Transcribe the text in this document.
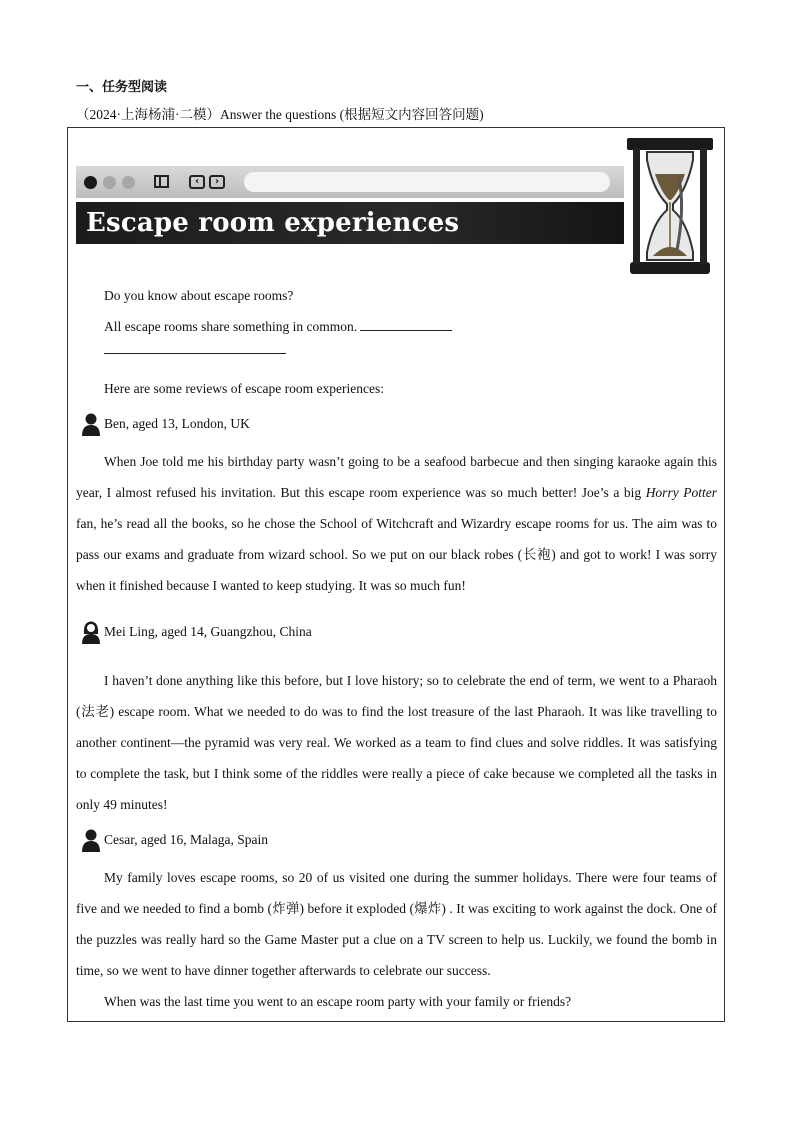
一、任务型阅读
（2024·上海杨浦·二模）Answer the questions (根据短文内容回答问题)
‹	›
Escape room experiences
Do you know about escape rooms?
All escape rooms share something in common.
Here are some reviews of escape room experiences:
Ben, aged 13, London, UK
When Joe told me his birthday party wasn’t going to be a seafood barbecue and then singing karaoke again this year, I almost refused his invitation. But this escape room experience was so much better! Joe’s a big Horry Potter fan, he’s read all the books, so he chose the School of Witchcraft and Wizardry escape rooms for us. The aim was to pass our exams and graduate from wizard school. So we put on our black robes (长袍) and got to work! I was sorry when it finished because I wanted to keep studying. It was so much fun!
Mei Ling, aged 14, Guangzhou, China
I haven’t done anything like this before, but I love history; so to celebrate the end of term, we went to a Pharaoh (法老) escape room. What we needed to do was to find the lost treasure of the last Pharaoh. It was like travelling to another continent—the pyramid was very real. We worked as a team to find clues and solve riddles. It was satisfying to complete the task, but I think some of the riddles were really a piece of cake because we completed all the tasks in only 49 minutes!
Cesar, aged 16, Malaga, Spain
My family loves escape rooms, so 20 of us visited one during the summer holidays. There were four teams of five and we needed to find a bomb (炸弹) before it exploded (爆炸) . It was exciting to work against the dock. One of the puzzles was really hard so the Game Master put a clue on a TV screen to help us. Luckily, we found the bomb in time, so we went to have dinner together afterwards to celebrate our success.
When was the last time you went to an escape room party with your family or friends?
